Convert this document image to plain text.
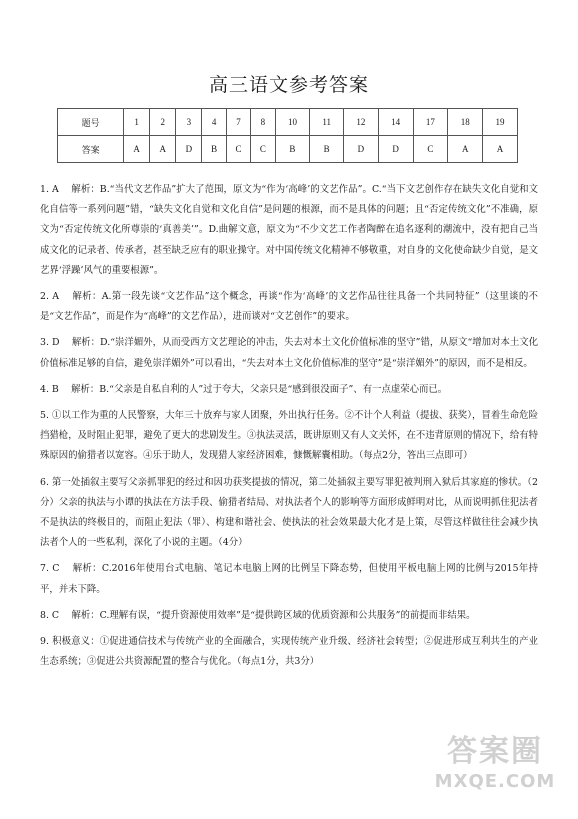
高三语文参考答案
题号	1	2	3	4	7	8	10	11	12	14	17	18	19
答案	A	A	D	B	C	C	B	B	D	D	C	A	A

1. A　 解析：B.“当代文艺作品”扩大了范围，原文为“作为‘高峰’的文艺作品”。C.“当下文艺创作存在缺失文化自觉和文化自信等一系列问题”错，“缺失文化自觉和文化自信”是问题的根源，而不是具体的问题；且“否定传统文化”不准确，原文为“否定传统文化所尊崇的‘真善美’”。D.曲解文意，原文为“不少文艺工作者陶醉在追名逐利的潮流中，没有把自己当成文化的记录者、传承者，甚至缺乏应有的职业操守。对中国传统文化精神不够敬重，对自身的文化使命缺少自觉，是文艺界‘浮躁’风气的重要根源”。

2. A　 解析：A.第一段先谈“文艺作品”这个概念，再谈“作为‘高峰’的文艺作品往往具备一个共同特征”（这里谈的不是“文艺作品”，而是作为“高峰”的文艺作品），进而谈对“文艺创作”的要求。

3. D　 解析：D.“崇洋媚外，从而受西方文艺理论的冲击，失去对本土文化价值标准的坚守”错，从原文“增加对本土文化价值标准足够的自信，避免崇洋媚外”可以看出，“失去对本土文化价值标准的坚守”是“崇洋媚外”的原因，而不是相反。

4. B　 解析：B.“父亲是自私自利的人”过于夸大，父亲只是“感到很没面子”、有一点虚荣心而已。

5. ①以工作为重的人民警察，大年三十放弃与家人团聚，外出执行任务。②不计个人利益（提拔、获奖），冒着生命危险挡猎枪，及时阻止犯罪，避免了更大的悲剧发生。③执法灵活，既讲原则又有人文关怀，在不违背原则的情况下，给有特殊原因的偷猎者以宽容。④乐于助人，发现猎人家经济困难，慷慨解囊相助。（每点2分，答出三点即可）

6. 第一处插叙主要写父亲抓罪犯的经过和因功获奖提拔的情况，第二处插叙主要写罪犯被判刑入狱后其家庭的惨状。（2分）父亲的执法与小谭的执法在方法手段、偷猎者结局、对执法者个人的影响等方面形成鲜明对比，从而说明抓住犯法者不是执法的终极目的，而阻止犯法（罪）、构建和谐社会、使执法的社会效果最大化才是上策，尽管这样做往往会减少执法者个人的一些私利，深化了小说的主题。（4分）

7. C　 解析：C.2016年使用台式电脑、笔记本电脑上网的比例呈下降态势，但使用平板电脑上网的比例与2015年持平，并未下降。

8. C　 解析：C.理解有误，“提升资源使用效率”是“提供跨区域的优质资源和公共服务”的前提而非结果。

9. 积极意义：①促进通信技术与传统产业的全面融合，实现传统产业升级、经济社会转型；②促进形成互利共生的产业生态系统；③促进公共资源配置的整合与优化。（每点1分，共3分）

答案圈
MXQE.COM
